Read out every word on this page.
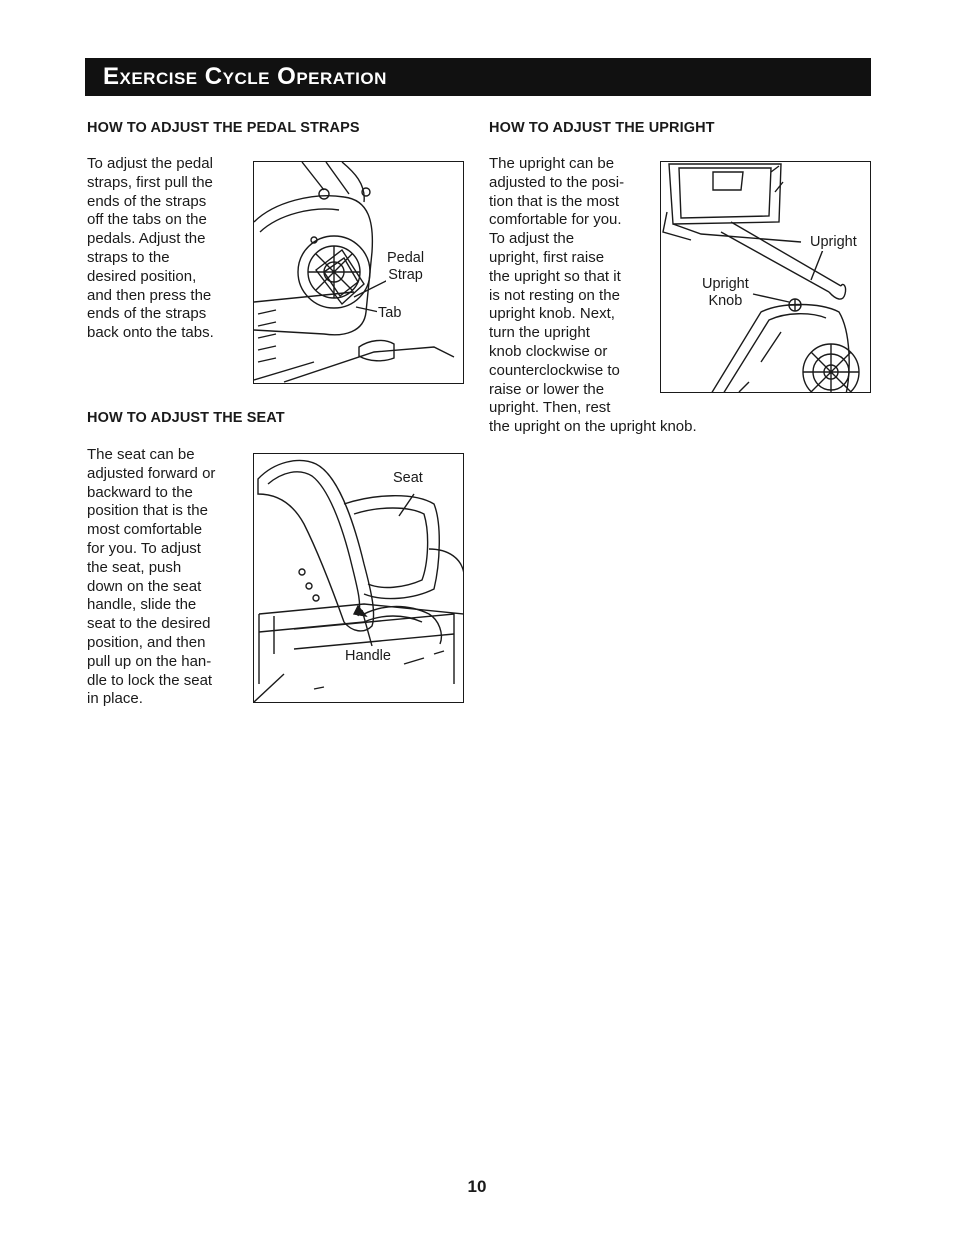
Exercise Cycle Operation
HOW TO ADJUST THE PEDAL STRAPS
To adjust the pedal
straps, first pull the
ends of the straps
off the tabs on the
pedals. Adjust the
straps to the
desired position,
and then press the
ends of the straps
back onto the tabs.
Pedal
Strap
Tab
HOW TO ADJUST THE SEAT
The seat can be
adjusted forward or
backward to the
position that is the
most comfortable
for you. To adjust
the seat, push
down on the seat
handle, slide the
seat to the desired
position, and then
pull up on the han-
dle to lock the seat
in place.
Seat
Handle
HOW TO ADJUST THE UPRIGHT
The upright can be
adjusted to the posi-
tion that is the most
comfortable for you.
To adjust the
upright, first raise
the upright so that it
is not resting on the
upright knob. Next,
turn the upright
knob clockwise or
counterclockwise to
raise or lower the
upright. Then, rest
the upright on the upright knob.
Upright
Upright
Knob
10
